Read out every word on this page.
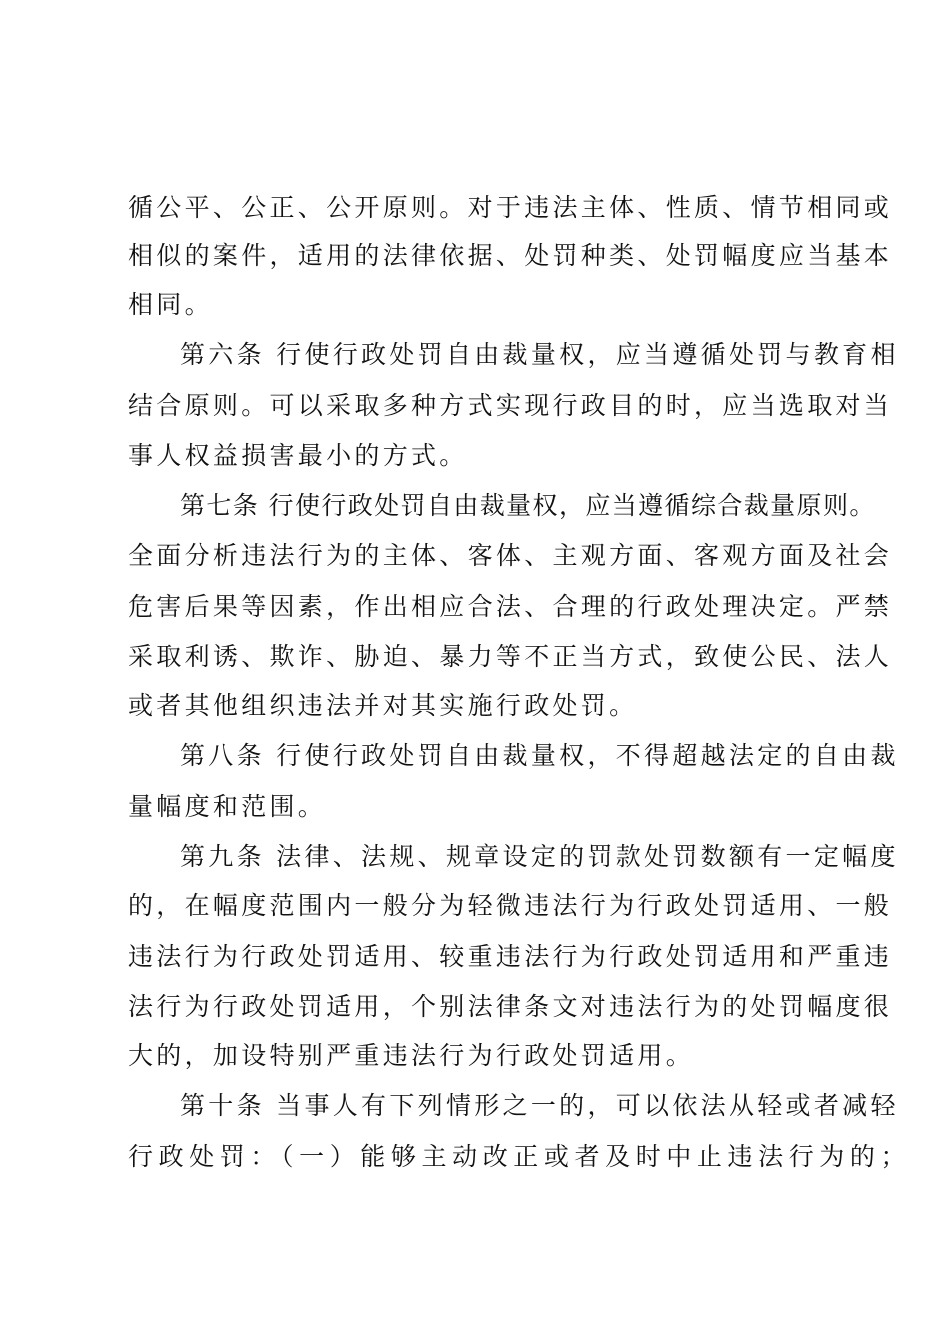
循公平、公正、公开原则。对于违法主体、性质、情节相同或
相似的案件，适用的法律依据、处罚种类、处罚幅度应当基本
相同。
第六条 行使行政处罚自由裁量权，应当遵循处罚与教育相
结合原则。可以采取多种方式实现行政目的时，应当选取对当
事人权益损害最小的方式。
第七条 行使行政处罚自由裁量权，应当遵循综合裁量原则。
全面分析违法行为的主体、客体、主观方面、客观方面及社会
危害后果等因素，作出相应合法、合理的行政处理决定。严禁
采取利诱、欺诈、胁迫、暴力等不正当方式，致使公民、法人
或者其他组织违法并对其实施行政处罚。
第八条 行使行政处罚自由裁量权，不得超越法定的自由裁
量幅度和范围。
第九条 法律、法规、规章设定的罚款处罚数额有一定幅度
的，在幅度范围内一般分为轻微违法行为行政处罚适用、一般
违法行为行政处罚适用、较重违法行为行政处罚适用和严重违
法行为行政处罚适用，个别法律条文对违法行为的处罚幅度很
大的，加设特别严重违法行为行政处罚适用。
第十条 当事人有下列情形之一的，可以依法从轻或者减轻
行政处罚：（一）能够主动改正或者及时中止违法行为的；
